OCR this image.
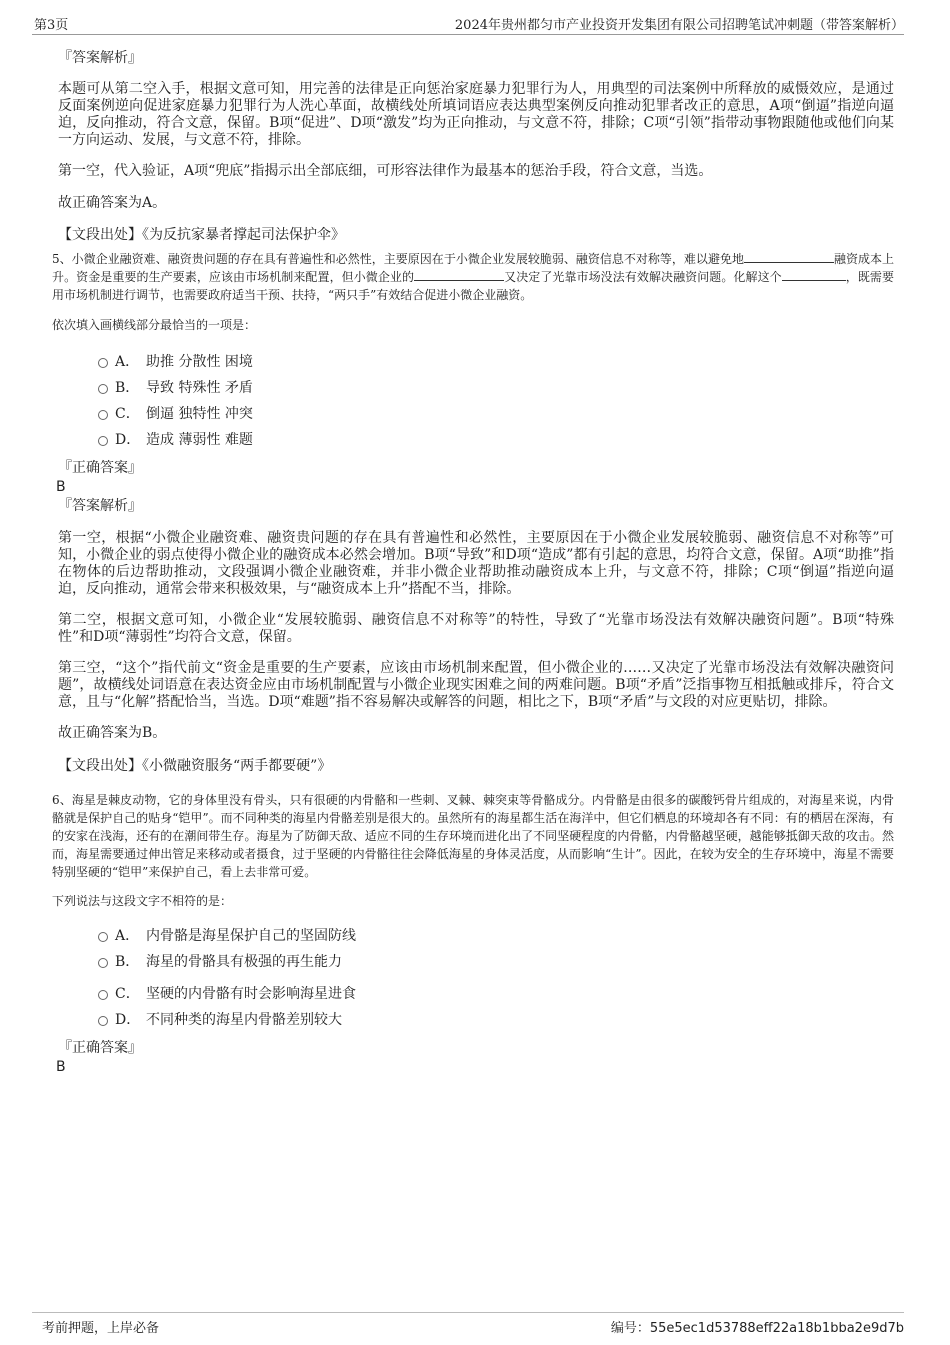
第3页	2024年贵州都匀市产业投资开发集团有限公司招聘笔试冲刺题（带答案解析）

『答案解析』

本题可从第二空入手，根据文意可知，用完善的法律是正向惩治家庭暴力犯罪行为人，用典型的司法案例中所释放的威慑效应，是通过反面案例逆向促进家庭暴力犯罪行为人洗心革面，故横线处所填词语应表达典型案例反向推动犯罪者改正的意思，A项“倒逼”指逆向逼迫，反向推动，符合文意，保留。B项“促进”、D项“激发”均为正向推动，与文意不符，排除；C项“引领”指带动事物跟随他或他们向某一方向运动、发展，与文意不符，排除。

第一空，代入验证，A项“兜底”指揭示出全部底细，可形容法律作为最基本的惩治手段，符合文意，当选。

故正确答案为A。

【文段出处】《为反抗家暴者撑起司法保护伞》

5、小微企业融资难、融资贵问题的存在具有普遍性和必然性，主要原因在于小微企业发展较脆弱、融资信息不对称等，难以避免地	融资成本上升。资金是重要的生产要素，应该由市场机制来配置，但小微企业的	又决定了光靠市场没法有效解决融资问题。化解这个	，既需要用市场机制进行调节，也需要政府适当干预、扶持，“两只手”有效结合促进小微企业融资。

依次填入画横线部分最恰当的一项是：

A． 助推 分散性 困境
B． 导致 特殊性 矛盾
C． 倒逼 独特性 冲突
D． 造成 薄弱性 难题

『正确答案』

B

『答案解析』

第一空，根据“小微企业融资难、融资贵问题的存在具有普遍性和必然性，主要原因在于小微企业发展较脆弱、融资信息不对称等”可知，小微企业的弱点使得小微企业的融资成本必然会增加。B项“导致”和D项“造成”都有引起的意思，均符合文意，保留。A项“助推”指在物体的后边帮助推动，文段强调小微企业融资难，并非小微企业帮助推动融资成本上升，与文意不符，排除；C项“倒逼”指逆向逼迫，反向推动，通常会带来积极效果，与“融资成本上升”搭配不当，排除。

第二空，根据文意可知，小微企业“发展较脆弱、融资信息不对称等”的特性，导致了“光靠市场没法有效解决融资问题”。B项“特殊性”和D项“薄弱性”均符合文意，保留。

第三空，“这个”指代前文“资金是重要的生产要素，应该由市场机制来配置，但小微企业的……又决定了光靠市场没法有效解决融资问题”，故横线处词语意在表达资金应由市场机制配置与小微企业现实困难之间的两难问题。B项“矛盾”泛指事物互相抵触或排斥，符合文意，且与“化解”搭配恰当，当选。D项“难题”指不容易解决或解答的问题，相比之下，B项“矛盾”与文段的对应更贴切，排除。

故正确答案为B。

【文段出处】《小微融资服务“两手都要硬”》

6、海星是棘皮动物，它的身体里没有骨头，只有很硬的内骨骼和一些刺、叉棘、棘突束等骨骼成分。内骨骼是由很多的碳酸钙骨片组成的，对海星来说，内骨骼就是保护自己的贴身“铠甲”。而不同种类的海星内骨骼差别是很大的。虽然所有的海星都生活在海洋中，但它们栖息的环境却各有不同：有的栖居在深海，有的安家在浅海，还有的在潮间带生存。海星为了防御天敌、适应不同的生存环境而进化出了不同坚硬程度的内骨骼，内骨骼越坚硬，越能够抵御天敌的攻击。然而，海星需要通过伸出管足来移动或者摄食，过于坚硬的内骨骼往往会降低海星的身体灵活度，从而影响“生计”。因此，在较为安全的生存环境中，海星不需要特别坚硬的“铠甲”来保护自己，看上去非常可爱。

下列说法与这段文字不相符的是：

A． 内骨骼是海星保护自己的坚固防线
B． 海星的骨骼具有极强的再生能力
C． 坚硬的内骨骼有时会影响海星进食
D． 不同种类的海星内骨骼差别较大

『正确答案』

B

考前押题，上岸必备	编号：55e5ec1d53788eff22a18b1bba2e9d7b
